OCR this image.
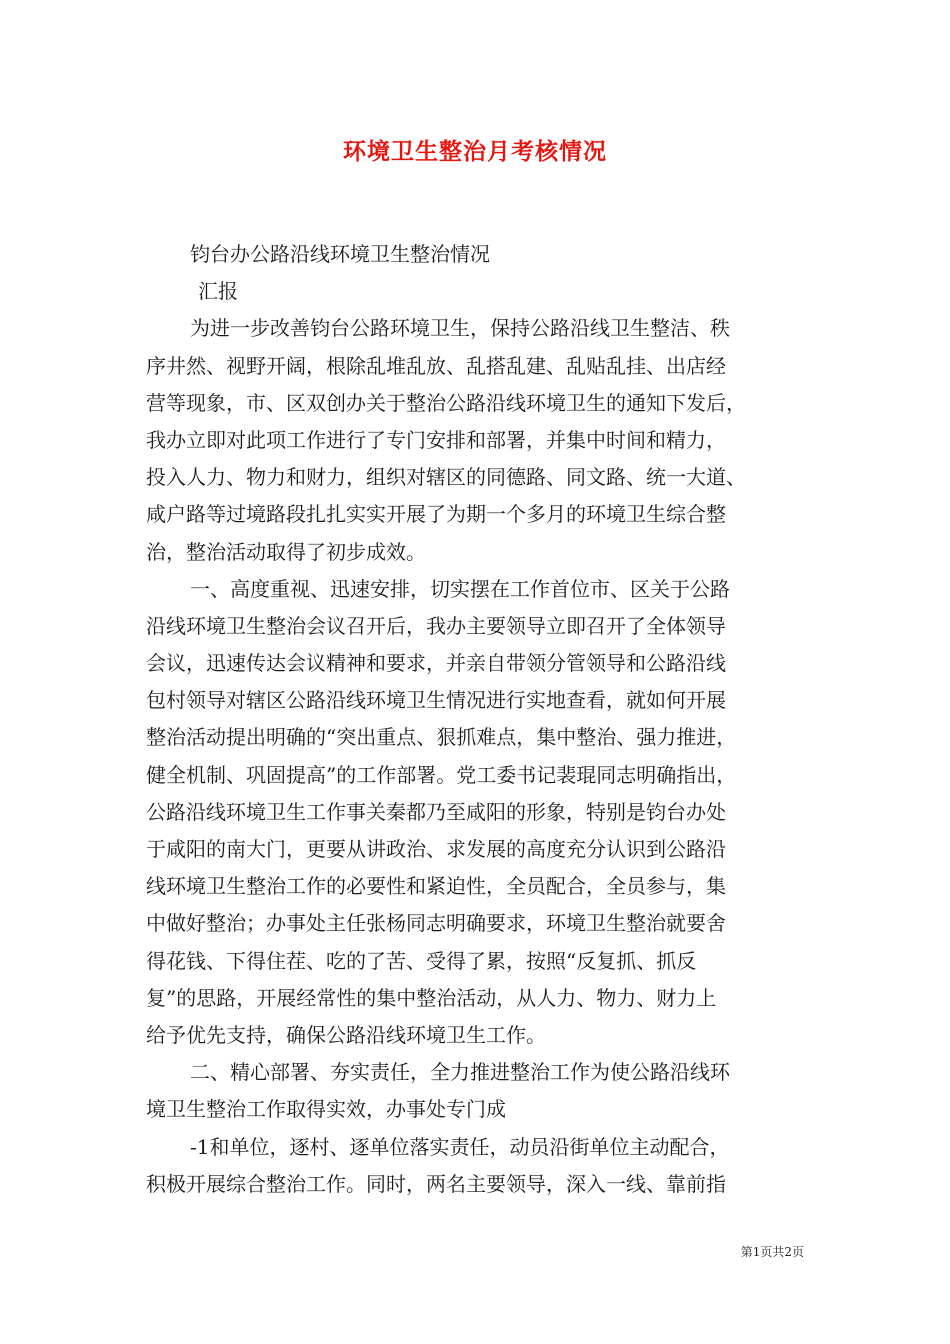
环境卫生整治月考核情况
钧台办公路沿线环境卫生整治情况
汇报
为进一步改善钧台公路环境卫生，保持公路沿线卫生整洁、秩
序井然、视野开阔，根除乱堆乱放、乱搭乱建、乱贴乱挂、出店经
营等现象，市、区双创办关于整治公路沿线环境卫生的通知下发后，
我办立即对此项工作进行了专门安排和部署，并集中时间和精力，
投入人力、物力和财力，组织对辖区的同德路、同文路、统一大道、
咸户路等过境路段扎扎实实开展了为期一个多月的环境卫生综合整
治，整治活动取得了初步成效。
一、高度重视、迅速安排，切实摆在工作首位市、区关于公路
沿线环境卫生整治会议召开后，我办主要领导立即召开了全体领导
会议，迅速传达会议精神和要求，并亲自带领分管领导和公路沿线
包村领导对辖区公路沿线环境卫生情况进行实地查看，就如何开展
整治活动提出明确的“突出重点、狠抓难点，集中整治、强力推进，
健全机制、巩固提高”的工作部署。党工委书记裴琨同志明确指出，
公路沿线环境卫生工作事关秦都乃至咸阳的形象，特别是钧台办处
于咸阳的南大门，更要从讲政治、求发展的高度充分认识到公路沿
线环境卫生整治工作的必要性和紧迫性，全员配合，全员参与，集
中做好整治；办事处主任张杨同志明确要求，环境卫生整治就要舍
得花钱、下得住茬、吃的了苦、受得了累，按照“反复抓、抓反
复”的思路，开展经常性的集中整治活动，从人力、物力、财力上
给予优先支持，确保公路沿线环境卫生工作。
二、精心部署、夯实责任，全力推进整治工作为使公路沿线环
境卫生整治工作取得实效，办事处专门成
-1和单位，逐村、逐单位落实责任，动员沿街单位主动配合，
积极开展综合整治工作。同时，两名主要领导，深入一线、靠前指
第1页共2页
